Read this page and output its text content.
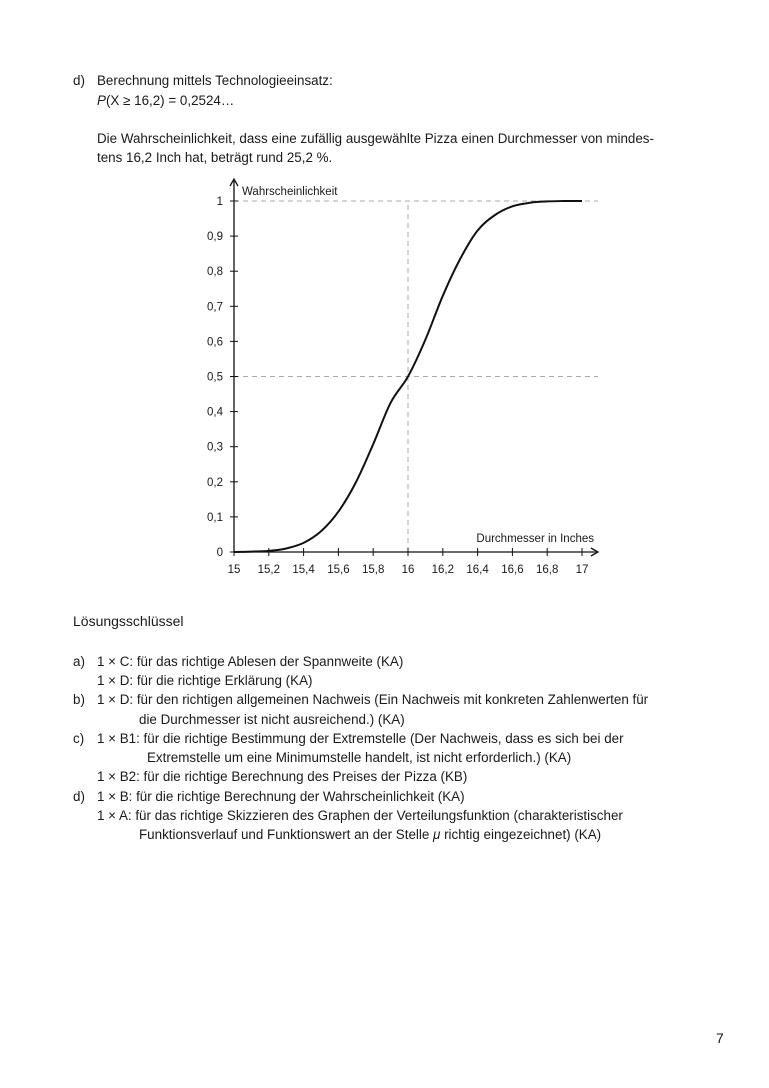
d) Berechnung mittels Technologieeinsatz:
P(X ≥ 16,2) = 0,2524…
Die Wahrscheinlichkeit, dass eine zufällig ausgewählte Pizza einen Durchmesser von mindes-
tens 16,2 Inch hat, beträgt rund 25,2 %.
0
0,1
0,2
0,3
0,4
0,5
0,6
0,7
0,8
0,9
1
15 15,2 15,4 15,6 15,8 16 16,2 16,4 16,6 16,8 17
Wahrscheinlichkeit
Durchmesser in Inches
Lösungsschlüssel
a) 1 × C: für das richtige Ablesen der Spannweite (KA)
1 × D: für die richtige Erklärung (KA)
b) 1 × D: für den richtigen allgemeinen Nachweis (Ein Nachweis mit konkreten Zahlenwerten für
die Durchmesser ist nicht ausreichend.) (KA)
c) 1 × B1: für die richtige Bestimmung der Extremstelle (Der Nachweis, dass es sich bei der
Extremstelle um eine Minimumstelle handelt, ist nicht erforderlich.) (KA)
1 × B2: für die richtige Berechnung des Preises der Pizza (KB)
d) 1 × B: für die richtige Berechnung der Wahrscheinlichkeit (KA)
1 × A: für das richtige Skizzieren des Graphen der Verteilungsfunktion (charakteristischer
Funktionsverlauf und Funktionswert an der Stelle μ richtig eingezeichnet) (KA)
7
